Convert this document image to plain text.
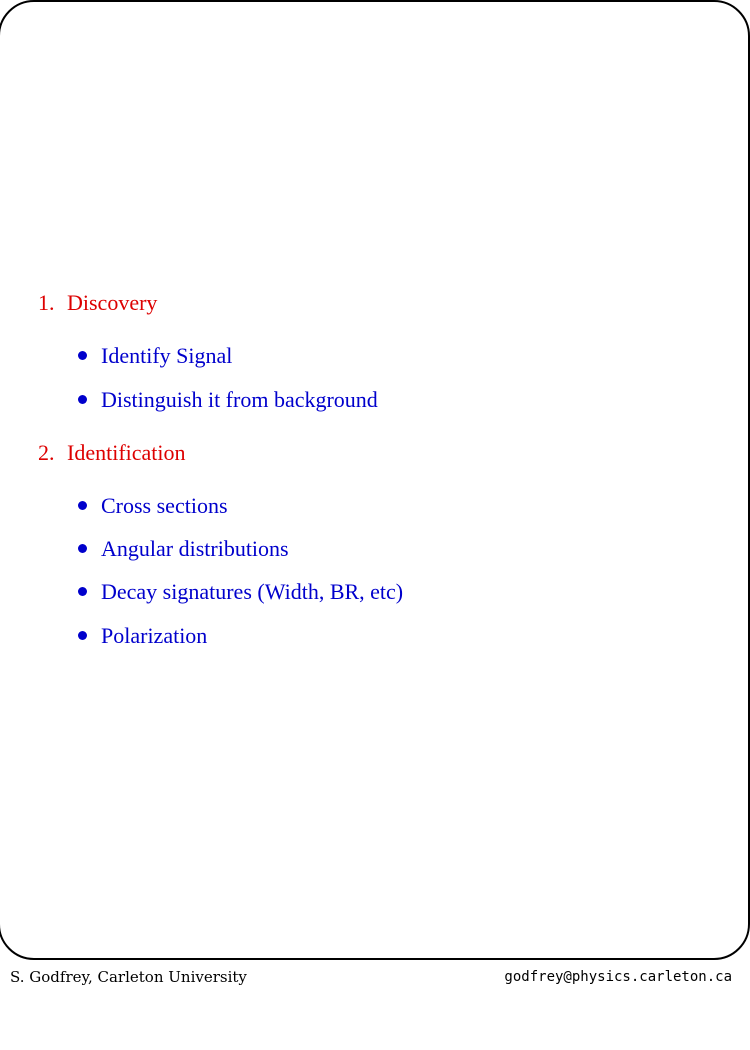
1. Discovery
Identify Signal
Distinguish it from background
2. Identification
Cross sections
Angular distributions
Decay signatures (Width, BR, etc)
Polarization
S. Godfrey, Carleton University	godfrey@physics.carleton.ca
